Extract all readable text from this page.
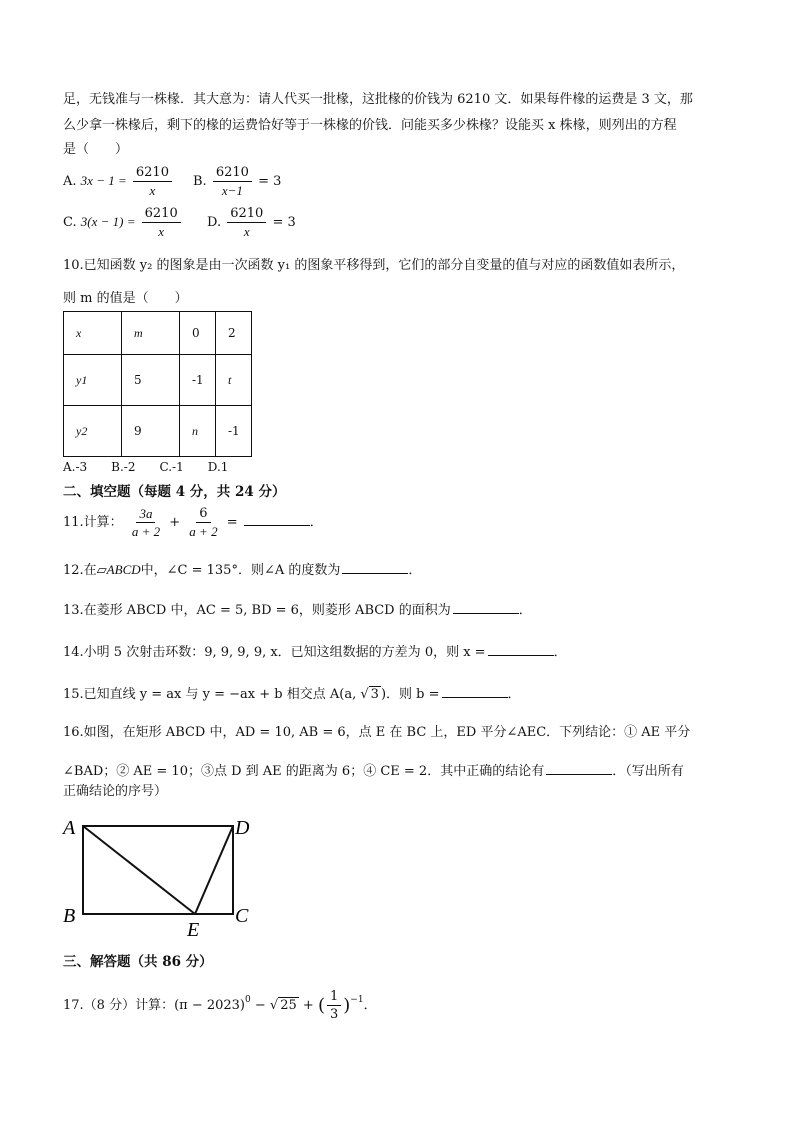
足，无钱准与一株椽．其大意为：请人代买一批椽，这批椽的价钱为 6210 文．如果每件椽的运费是 3 文，那
么少拿一株椽后，剩下的椽的运费恰好等于一株椽的价钱．问能买多少株椽？设能买 x 株椽，则列出的方程
是（　　）
A. $3x - 1 = \frac{6210}{x} B$. $\frac{6210}{x-1} = 3$
C. $3(x - 1) = \frac{6210}{x} D$. $\frac{6210}{x} = 3$
10.已知函数 y₂ 的图象是由一次函数 y₁ 的图象平移得到，它们的部分自变量的值与对应的函数值如表所示，
则 m 的值是（　　）
x	m	0	2
y1	5	-1	t
y2	9	n	-1
A.-3　　B.-2　　C.-1　　D.1
二、填空题（每题 4 分，共 24 分）
11.计算： $\frac{3a}{a + 2} + \frac{6}{a + 2}$ =	．
12.在▱ABCD中，∠C = 135°．则∠A 的度数为	．
13.在菱形 ABCD 中，AC = 5, BD = 6，则菱形 ABCD 的面积为	．
14.小明 5 次射击环数：9, 9, 9, 9, x．已知这组数据的方差为 0，则 x =	．
15.已知直线 y = ax 与 y = −ax + b 相交点 A(a, √ 3 )．则 b =	．
16.如图，在矩形 ABCD 中，AD = 10, AB = 6，点 E 在 BC 上，ED 平分∠AEC．下列结论：① AE 平分
∠BAD；② AE = 10；③点 D 到 AE 的距离为 6；④ CE = 2．其中正确的结论有	．（写出所有
正确结论的序号）
A	D
B	C
E
三、解答题（共 86 分）
17.（8 分）计算：$(\pi - 2023)^0$ − √ 25 + ( $\frac{1}{3} )^{-1}$．
